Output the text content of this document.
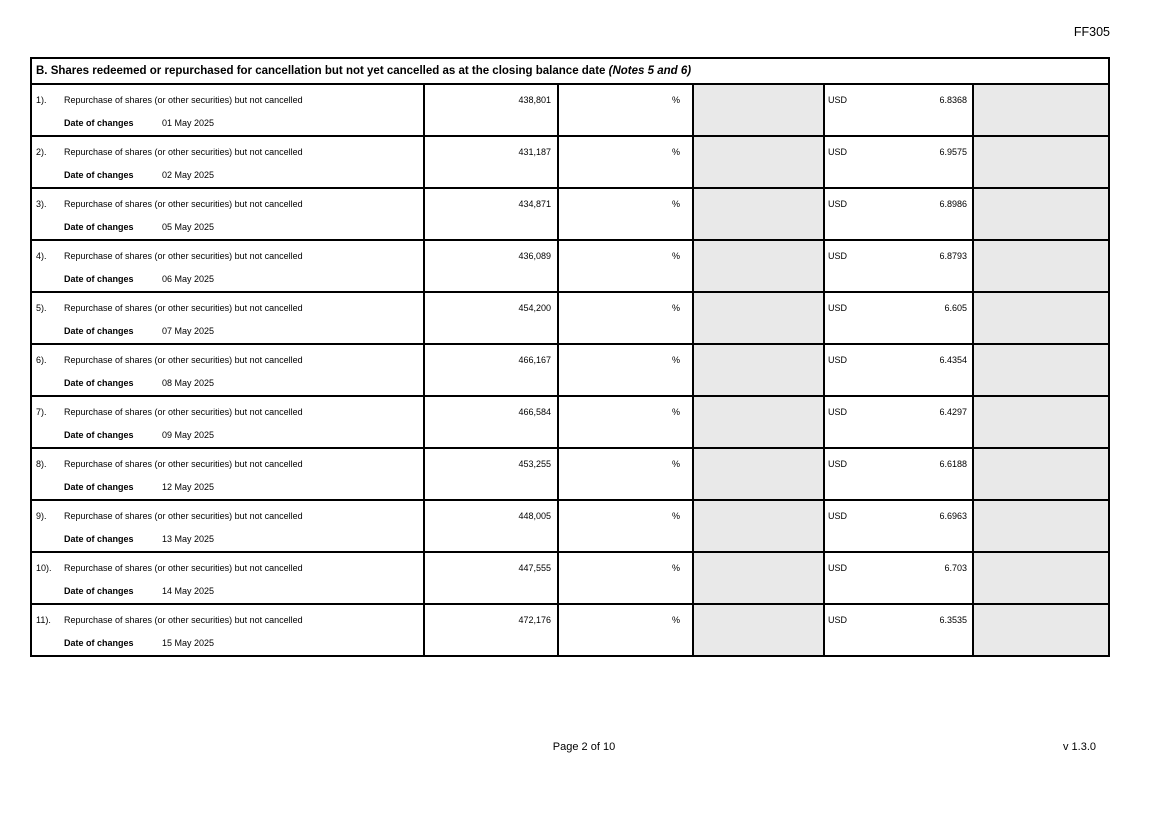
FF305
B. Shares redeemed or repurchased for cancellation but not yet cancelled as at the closing balance date (Notes 5 and 6)
1). Repurchase of shares (or other securities) but not cancelled
Date of changes	01 May 2025
438,801	%	USD	6.8368
2). Repurchase of shares (or other securities) but not cancelled
Date of changes	02 May 2025
431,187	%	USD	6.9575
3). Repurchase of shares (or other securities) but not cancelled
Date of changes	05 May 2025
434,871	%	USD	6.8986
4). Repurchase of shares (or other securities) but not cancelled
Date of changes	06 May 2025
436,089	%	USD	6.8793
5). Repurchase of shares (or other securities) but not cancelled
Date of changes	07 May 2025
454,200	%	USD	6.605
6). Repurchase of shares (or other securities) but not cancelled
Date of changes	08 May 2025
466,167	%	USD	6.4354
7). Repurchase of shares (or other securities) but not cancelled
Date of changes	09 May 2025
466,584	%	USD	6.4297
8). Repurchase of shares (or other securities) but not cancelled
Date of changes	12 May 2025
453,255	%	USD	6.6188
9). Repurchase of shares (or other securities) but not cancelled
Date of changes	13 May 2025
448,005	%	USD	6.6963
10). Repurchase of shares (or other securities) but not cancelled
Date of changes	14 May 2025
447,555	%	USD	6.703
11). Repurchase of shares (or other securities) but not cancelled
Date of changes	15 May 2025
472,176	%	USD	6.3535
Page 2 of 10	v 1.3.0
